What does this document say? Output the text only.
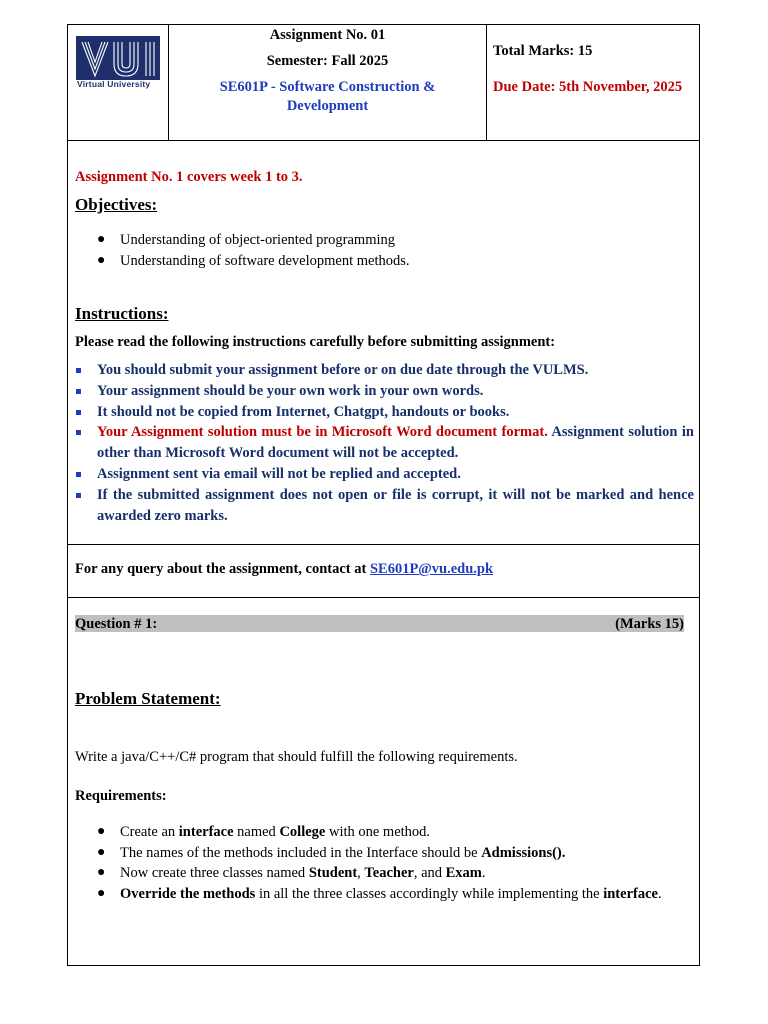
Virtual University
Assignment No. 01
Semester: Fall 2025
SE601P - Software Construction & Development
Total Marks: 15
Due Date: 5th November, 2025
Assignment No. 1 covers week 1 to 3.
Objectives:
● Understanding of object-oriented programming
● Understanding of software development methods.
Instructions:
Please read the following instructions carefully before submitting assignment:
You should submit your assignment before or on due date through the VULMS.
Your assignment should be your own work in your own words.
It should not be copied from Internet, Chatgpt, handouts or books.
Your Assignment solution must be in Microsoft Word document format. Assignment solution in other than Microsoft Word document will not be accepted.
Assignment sent via email will not be replied and accepted.
If the submitted assignment does not open or file is corrupt, it will not be marked and hence awarded zero marks.
For any query about the assignment, contact at SE601P@vu.edu.pk
Question # 1:	(Marks 15)
Problem Statement:
Write a java/C++/C# program that should fulfill the following requirements.
Requirements:
● Create an interface named College with one method.
● The names of the methods included in the Interface should be Admissions().
● Now create three classes named Student, Teacher, and Exam.
● Override the methods in all the three classes accordingly while implementing the interface.
